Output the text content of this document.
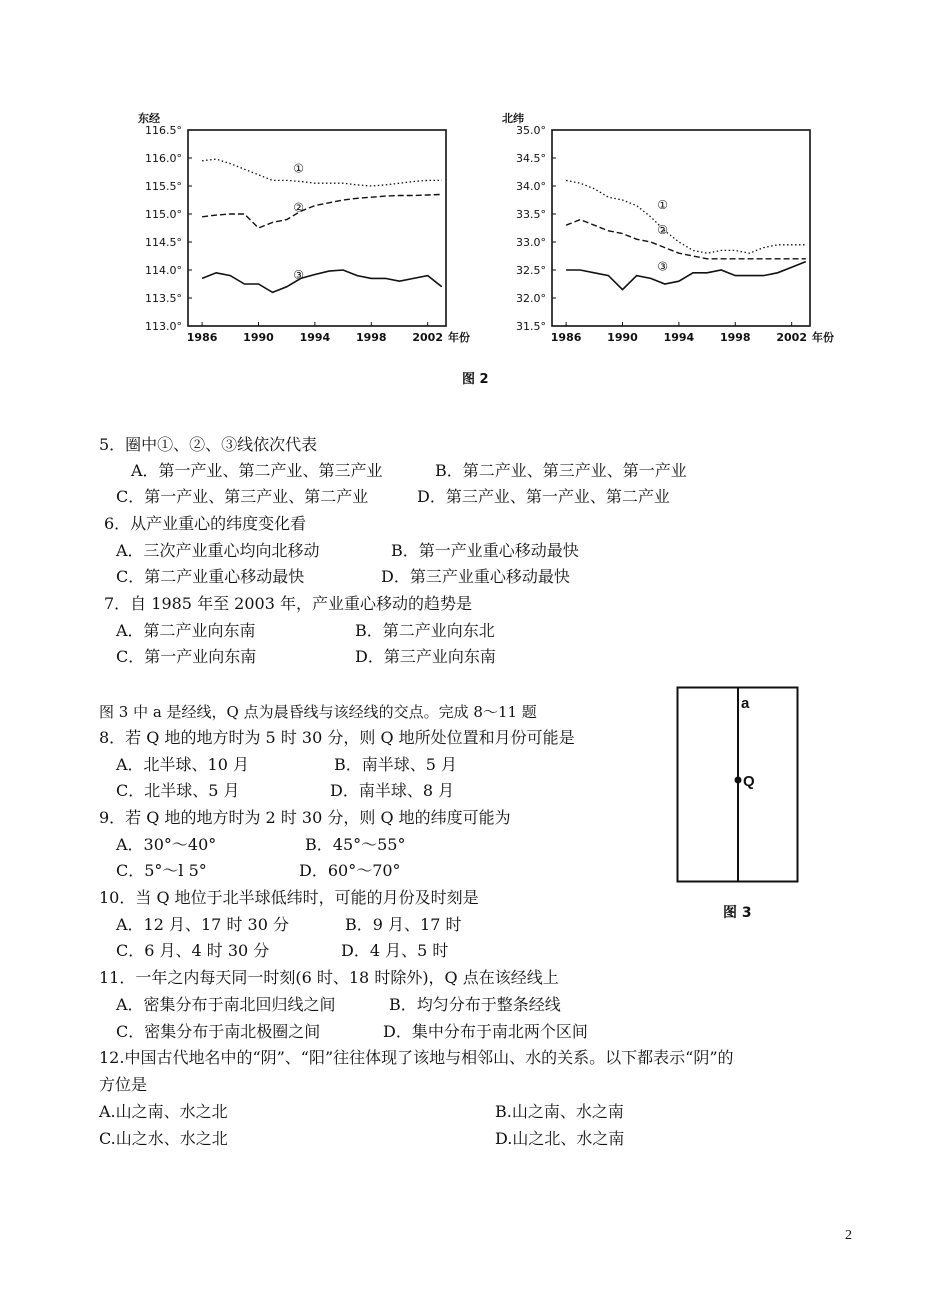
东经
116.5°
116.0°
115.5°
115.0°
114.5°
114.0°
113.5°
113.0°
1986 1990 1994 1998 2002 年份
①
②
③
北纬
35.0°
34.5°
34.0°
33.5°
33.0°
32.5°
32.0°
31.5°
1986 1990 1994 1998 2002 年份
①
②
③
图 2
5．圈中①、②、③线依次代表
A．第一产业、第二产业、第三产业	B．第二产业、第三产业、第一产业
C．第一产业、第三产业、第二产业	D．第三产业、第一产业、第二产业
6．从产业重心的纬度变化看
A．三次产业重心均向北移动	B．第一产业重心移动最快
C．第二产业重心移动最快	D．第三产业重心移动最快
7．自 1985 年至 2003 年，产业重心移动的趋势是
A．第二产业向东南	B．第二产业向东北
C．第一产业向东南	D．第三产业向东南
图 3 中 a 是经线，Q 点为晨昏线与该经线的交点。完成 8～11 题
8．若 Q 地的地方时为 5 时 30 分，则 Q 地所处位置和月份可能是
A．北半球、10 月	B．南半球、5 月
C．北半球、5 月	D．南半球、8 月
9．若 Q 地的地方时为 2 时 30 分，则 Q 地的纬度可能为
A．30°～40°	B．45°～55°
C．5°～l 5°	D．60°～70°
10．当 Q 地位于北半球低纬时，可能的月份及时刻是
A．12 月、17 时 30 分	B．9 月、17 时
C．6 月、4 时 30 分	D．4 月、5 时
11．一年之内每天同一时刻(6 时、18 时除外)，Q 点在该经线上
A．密集分布于南北回归线之间	B．均匀分布于整条经线
C．密集分布于南北极圈之间	D．集中分布于南北两个区间
12.中国古代地名中的“阴”、“阳”往往体现了该地与相邻山、水的关系。以下都表示“阴”的
方位是
A.山之南、水之北	B.山之南、水之南
C.山之水、水之北	D.山之北、水之南
a
Q
图 3
2
